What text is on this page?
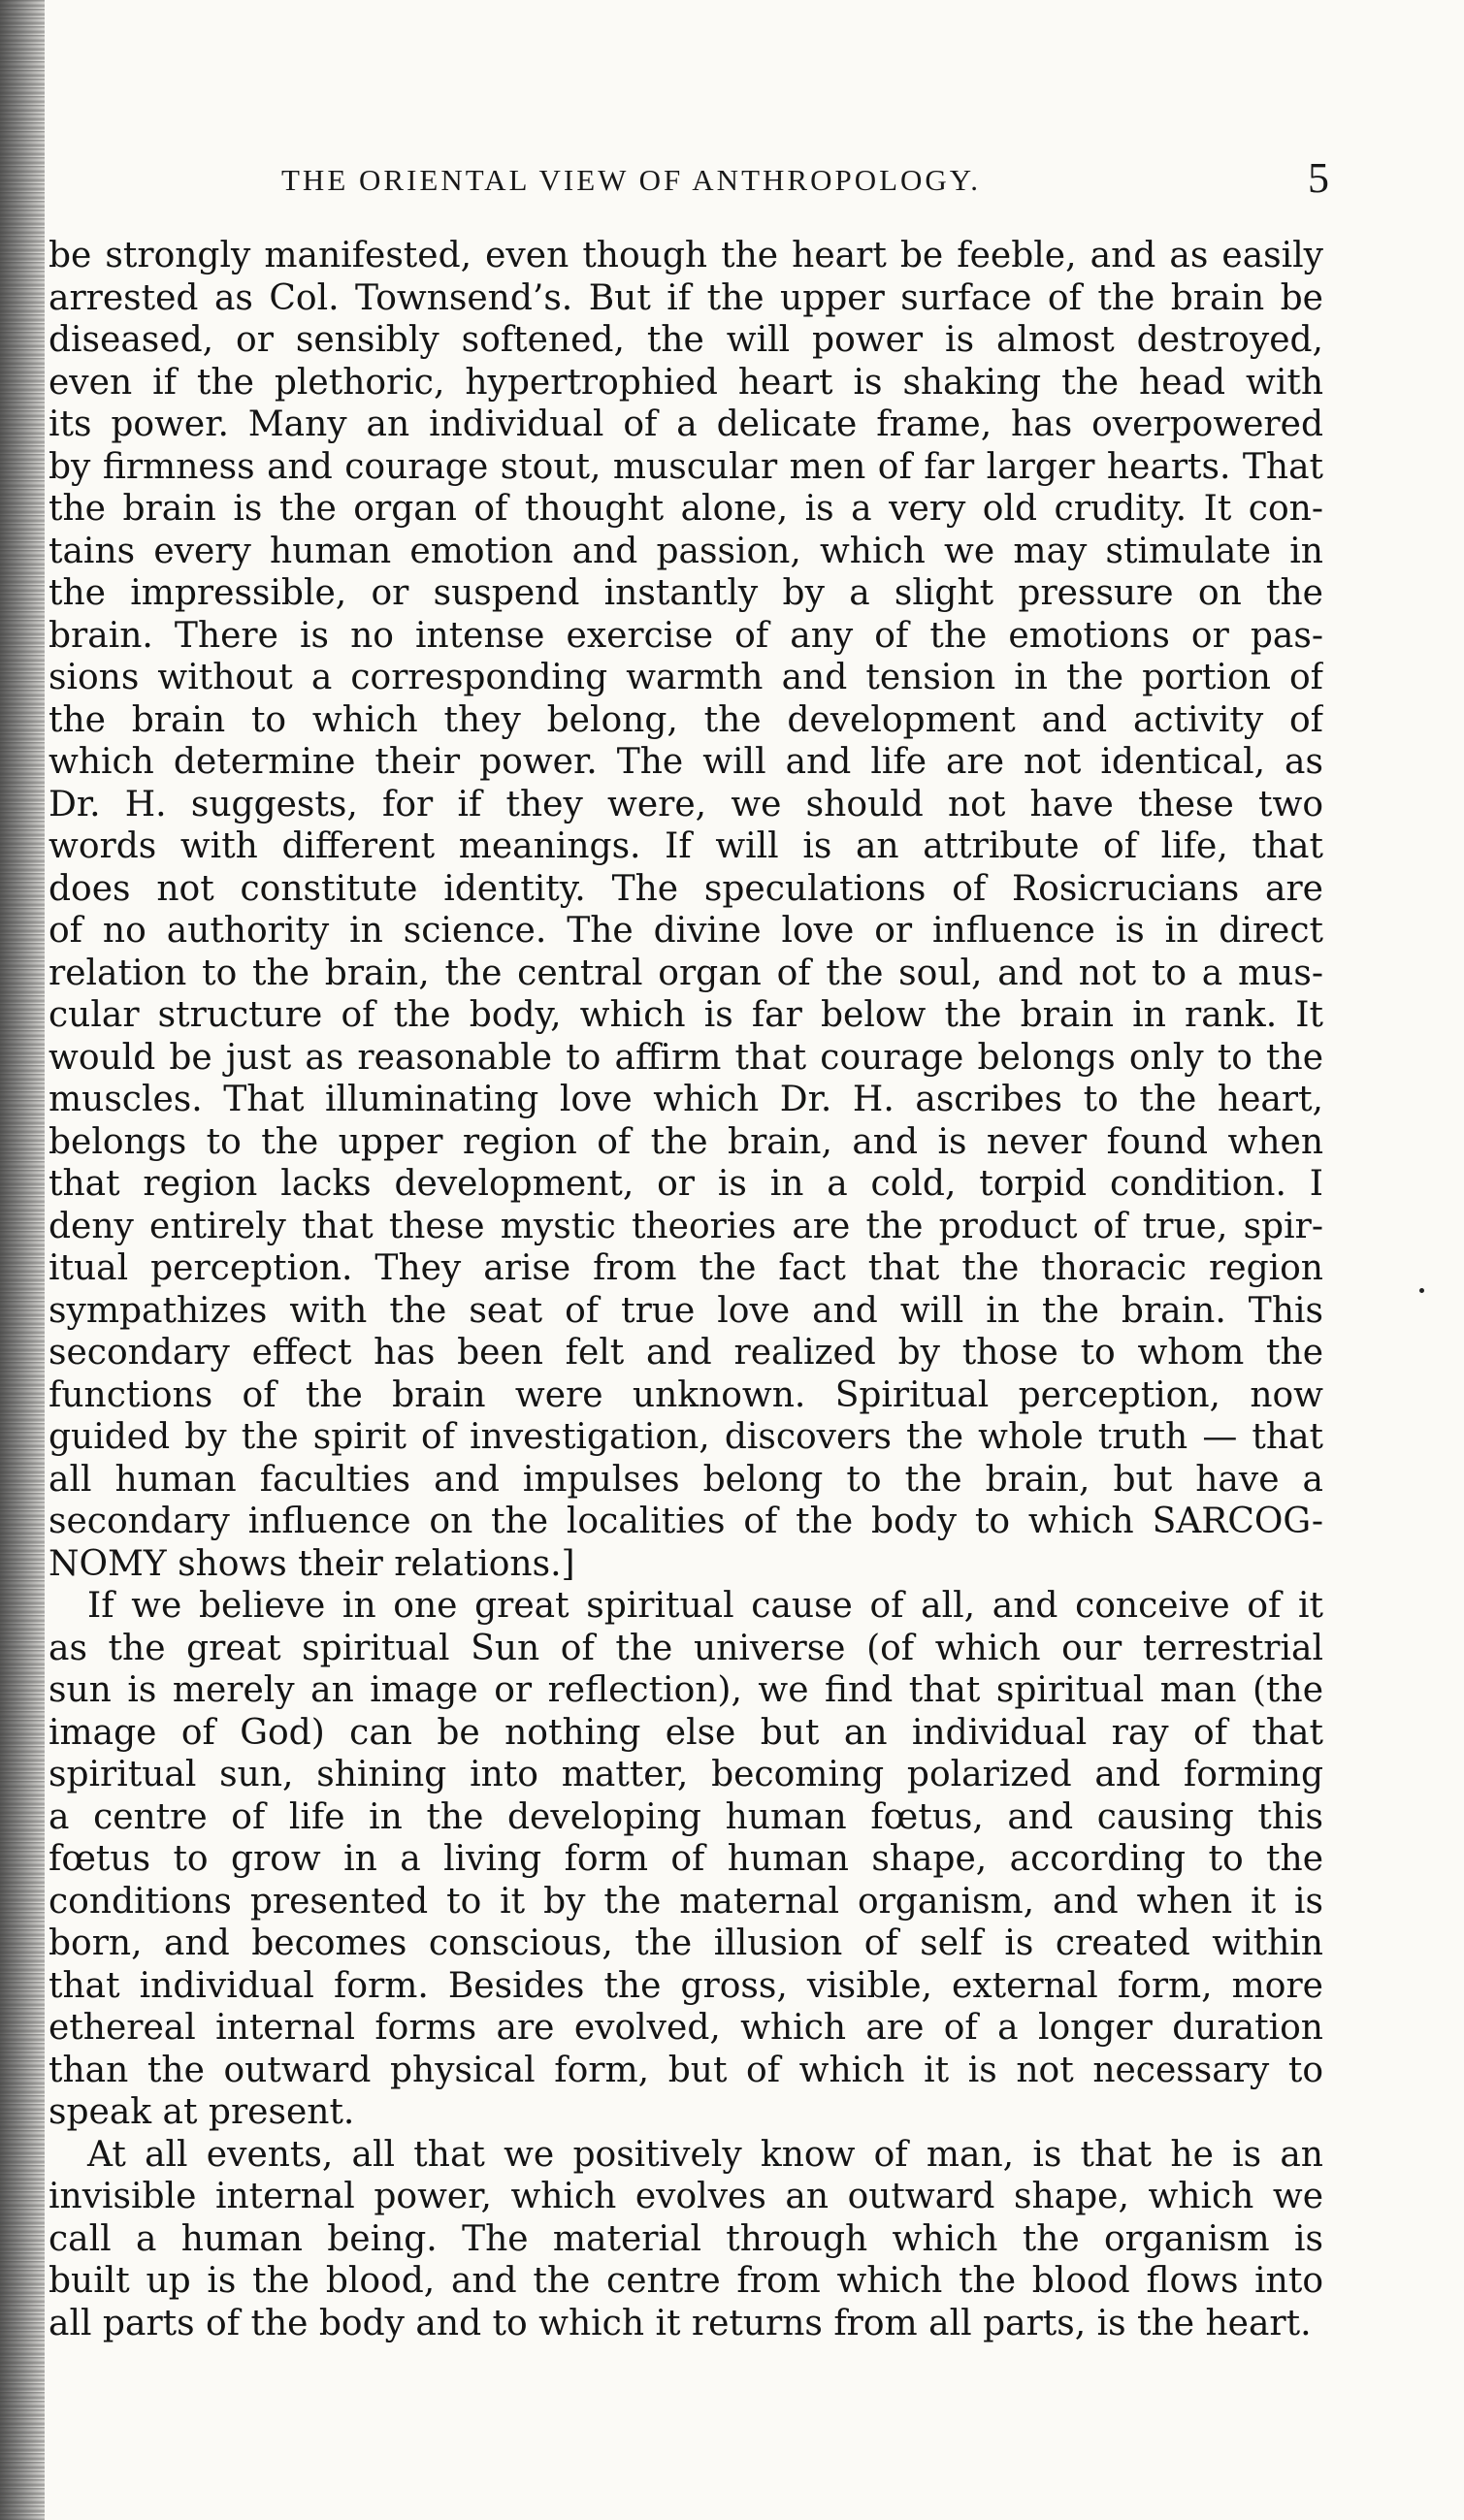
THE ORIENTAL VIEW OF ANTHROPOLOGY.	5
be strongly manifested, even though the heart be feeble, and as easily
arrested as Col. Townsend’s. But if the upper surface of the brain be
diseased, or sensibly softened, the will power is almost destroyed,
even if the plethoric, hypertrophied heart is shaking the head with
its power. Many an individual of a delicate frame, has overpowered
by firmness and courage stout, muscular men of far larger hearts. That
the brain is the organ of thought alone, is a very old crudity. It con-
tains every human emotion and passion, which we may stimulate in
the impressible, or suspend instantly by a slight pressure on the
brain. There is no intense exercise of any of the emotions or pas-
sions without a corresponding warmth and tension in the portion of
the brain to which they belong, the development and activity of
which determine their power. The will and life are not identical, as
Dr. H. suggests, for if they were, we should not have these two
words with different meanings. If will is an attribute of life, that
does not constitute identity. The speculations of Rosicrucians are
of no authority in science. The divine love or influence is in direct
relation to the brain, the central organ of the soul, and not to a mus-
cular structure of the body, which is far below the brain in rank. It
would be just as reasonable to affirm that courage belongs only to the
muscles. That illuminating love which Dr. H. ascribes to the heart,
belongs to the upper region of the brain, and is never found when
that region lacks development, or is in a cold, torpid condition. I
deny entirely that these mystic theories are the product of true, spir-
itual perception. They arise from the fact that the thoracic region
sympathizes with the seat of true love and will in the brain. This
secondary effect has been felt and realized by those to whom the
functions of the brain were unknown. Spiritual perception, now
guided by the spirit of investigation, discovers the whole truth — that
all human faculties and impulses belong to the brain, but have a
secondary influence on the localities of the body to which SARCOG-
NOMY shows their relations.]
If we believe in one great spiritual cause of all, and conceive of it
as the great spiritual Sun of the universe (of which our terrestrial
sun is merely an image or reflection), we find that spiritual man (the
image of God) can be nothing else but an individual ray of that
spiritual sun, shining into matter, becoming polarized and forming
a centre of life in the developing human fœtus, and causing this
fœtus to grow in a living form of human shape, according to the
conditions presented to it by the maternal organism, and when it is
born, and becomes conscious, the illusion of self is created within
that individual form. Besides the gross, visible, external form, more
ethereal internal forms are evolved, which are of a longer duration
than the outward physical form, but of which it is not necessary to
speak at present.
At all events, all that we positively know of man, is that he is an
invisible internal power, which evolves an outward shape, which we
call a human being. The material through which the organism is
built up is the blood, and the centre from which the blood flows into
all parts of the body and to which it returns from all parts, is the heart.
